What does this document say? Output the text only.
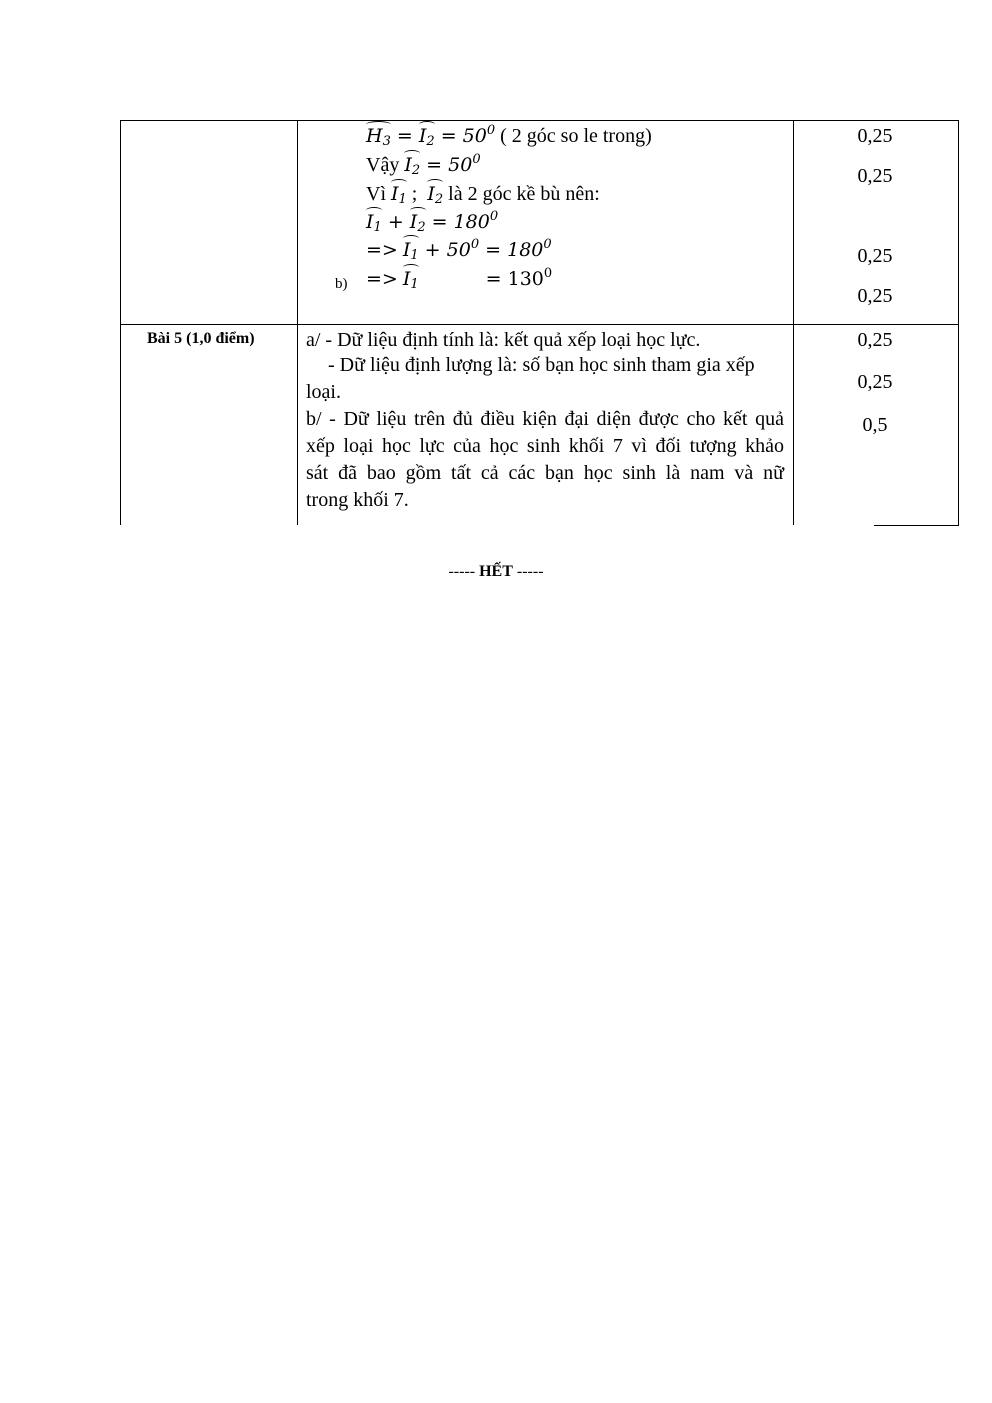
$H_3 = I_2 = 50^0$ ( 2 góc so le trong)
Vậy $I_2 = 50^0$
Vì $I_1$ ; $I_2$ là 2 góc kề bù nên:
$I_1 + I_2 = 180^0$
=> $I_1 + 50^0 = 180^0$
$b) => I_1$	= $130^0$
0,25
0,25
0,25
0,25
Bài 5 (1,0 điểm)	a/ - Dữ liệu định tính là: kết quả xếp loại học lực.
- Dữ liệu định lượng là: số bạn học sinh tham gia xếp
loại.
b/ - Dữ liệu trên đủ điều kiện đại diện được cho kết quả
xếp loại học lực của học sinh khối 7 vì đối tượng khảo
sát đã bao gồm tất cả các bạn học sinh là nam và nữ
trong khối 7.
0,25
0,25
0,5
----- HẾT -----
